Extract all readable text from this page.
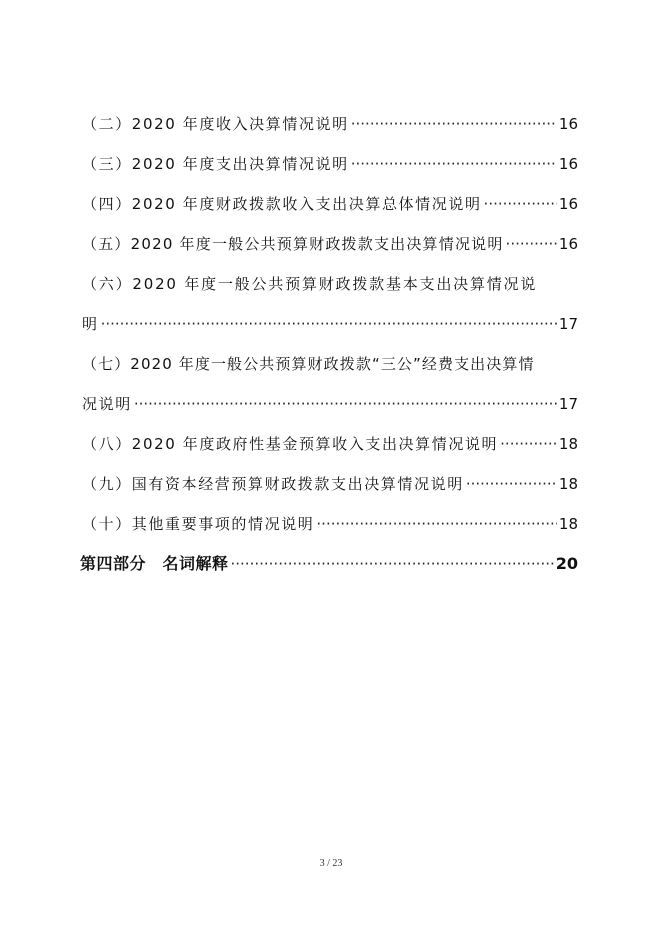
（二）2020 年度收入决算情况说明 ·····	16
（三）2020 年度支出决算情况说明 ·····	16
（四）2020 年度财政拨款收入支出决算总体情况说明 ·····	16
（五）2020 年度一般公共预算财政拨款支出决算情况说明 ·····	16
（六）2020 年度一般公共预算财政拨款基本支出决算情况说
明 ·····	17
（七）2020 年度一般公共预算财政拨款“三公”经费支出决算情
况说明 ·····	17
（八）2020 年度政府性基金预算收入支出决算情况说明 ·····	18
（九）国有资本经营预算财政拨款支出决算情况说明 ·····	18
（十）其他重要事项的情况说明 ·····	18
第四部分　名词解释 ·····	20
3 / 23
